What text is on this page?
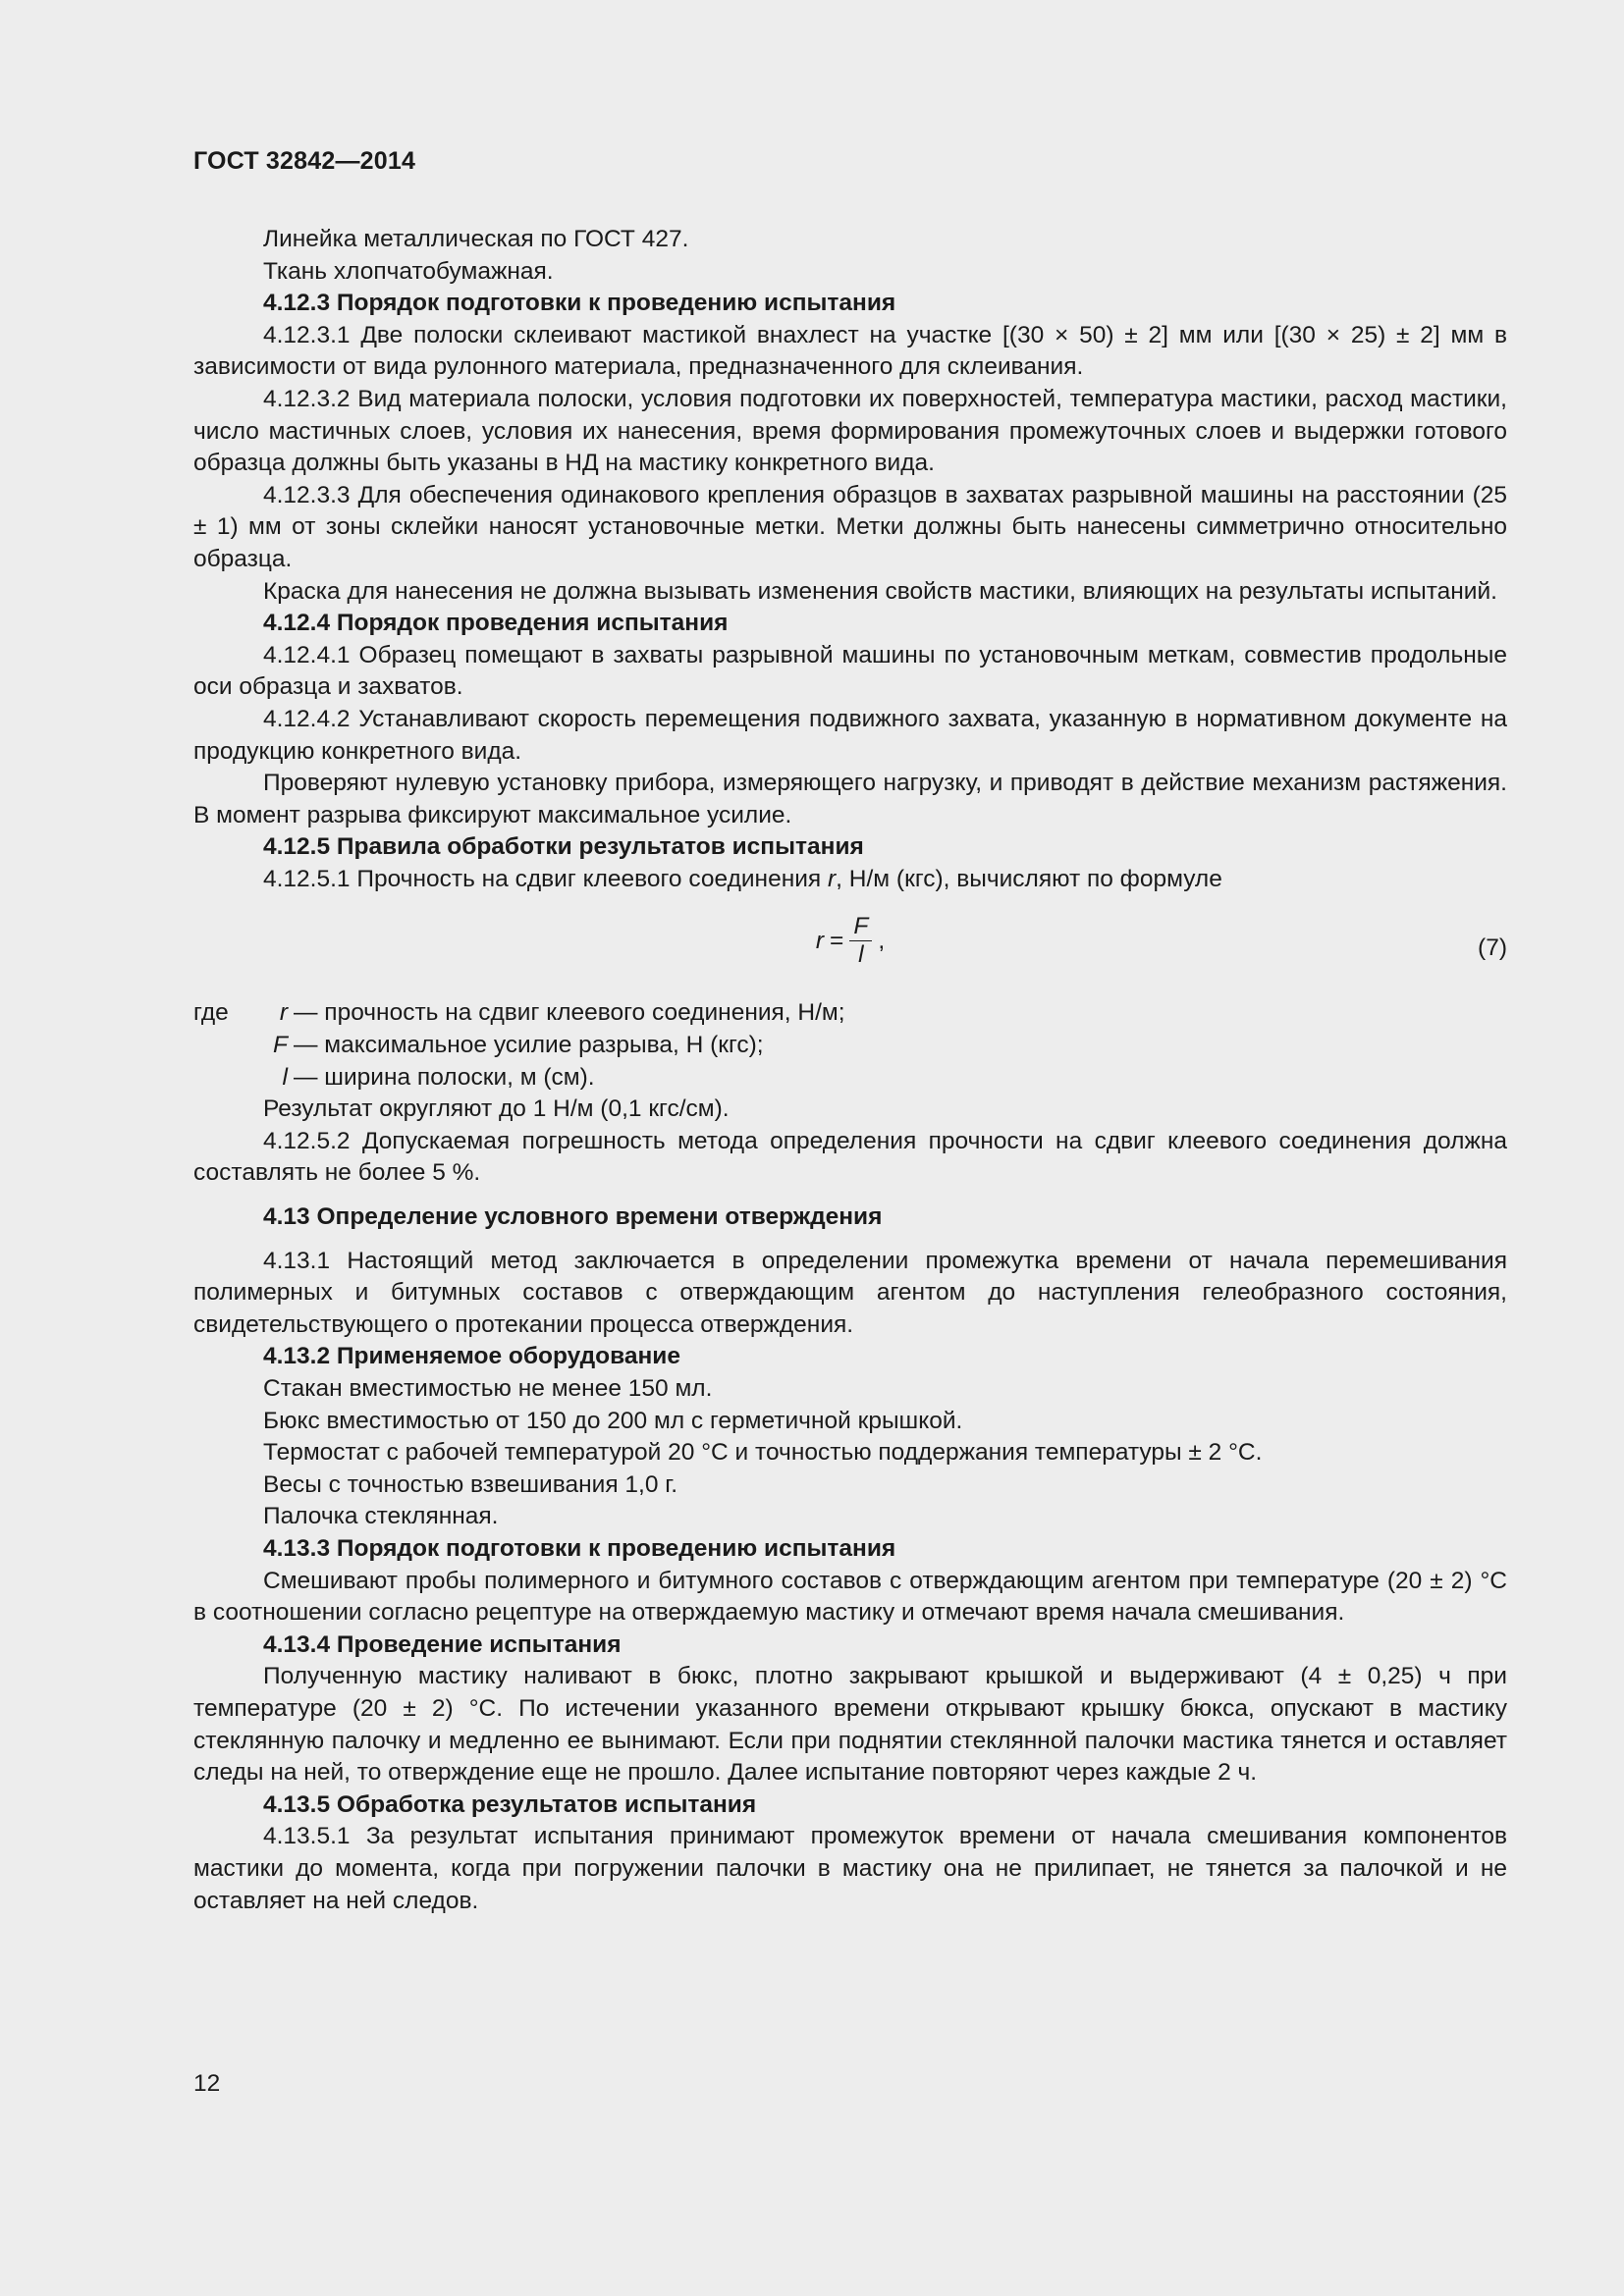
ГОСТ 32842—2014

Линейка металлическая по ГОСТ 427.

Ткань хлопчатобумажная.

4.12.3 Порядок подготовки к проведению испытания

4.12.3.1 Две полоски склеивают мастикой внахлест на участке [(30 × 50) ± 2] мм или [(30 × 25) ± 2] мм в зависимости от вида рулонного материала, предназначенного для склеивания.

4.12.3.2 Вид материала полоски, условия подготовки их поверхностей, температура мастики, расход мастики, число мастичных слоев, условия их нанесения, время формирования промежуточных слоев и выдержки готового образца должны быть указаны в НД на мастику конкретного вида.

4.12.3.3 Для обеспечения одинакового крепления образцов в захватах разрывной машины на расстоянии (25 ± 1) мм от зоны склейки наносят установочные метки. Метки должны быть нанесены симметрично относительно образца.

Краска для нанесения не должна вызывать изменения свойств мастики, влияющих на результаты испытаний.

4.12.4 Порядок проведения испытания

4.12.4.1 Образец помещают в захваты разрывной машины по установочным меткам, совместив продольные оси образца и захватов.

4.12.4.2 Устанавливают скорость перемещения подвижного захвата, указанную в нормативном документе на продукцию конкретного вида.

Проверяют нулевую установку прибора, измеряющего нагрузку, и приводят в действие механизм растяжения. В момент разрыва фиксируют максимальное усилие.

4.12.5 Правила обработки результатов испытания

4.12.5.1 Прочность на сдвиг клеевого соединения r, Н/м (кгс), вычисляют по формуле

$r = \frac{F}{l}$ ,	(7)
где	r — прочность на сдвиг клеевого соединения, Н/м;
F — максимальное усилие разрыва, Н (кгс);
l — ширина полоски, м (см).

Результат округляют до 1 Н/м (0,1 кгс/см).

4.12.5.2 Допускаемая погрешность метода определения прочности на сдвиг клеевого соединения должна составлять не более 5 %.

4.13 Определение условного времени отверждения

4.13.1 Настоящий метод заключается в определении промежутка времени от начала перемешивания полимерных и битумных составов с отверждающим агентом до наступления гелеобразного состояния, свидетельствующего о протекании процесса отверждения.

4.13.2 Применяемое оборудование

Стакан вместимостью не менее 150 мл.

Бюкс вместимостью от 150 до 200 мл с герметичной крышкой.

Термостат с рабочей температурой 20 °С и точностью поддержания температуры ± 2 °С.

Весы с точностью взвешивания 1,0 г.

Палочка стеклянная.

4.13.3 Порядок подготовки к проведению испытания

Смешивают пробы полимерного и битумного составов с отверждающим агентом при температуре (20 ± 2) °С в соотношении согласно рецептуре на отверждаемую мастику и отмечают время начала смешивания.

4.13.4 Проведение испытания

Полученную мастику наливают в бюкс, плотно закрывают крышкой и выдерживают (4 ± 0,25) ч при температуре (20 ± 2) °С. По истечении указанного времени открывают крышку бюкса, опускают в мастику стеклянную палочку и медленно ее вынимают. Если при поднятии стеклянной палочки мастика тянется и оставляет следы на ней, то отверждение еще не прошло. Далее испытание повторяют через каждые 2 ч.

4.13.5 Обработка результатов испытания

4.13.5.1 За результат испытания принимают промежуток времени от начала смешивания компонентов мастики до момента, когда при погружении палочки в мастику она не прилипает, не тянется за палочкой и не оставляет на ней следов.

12
